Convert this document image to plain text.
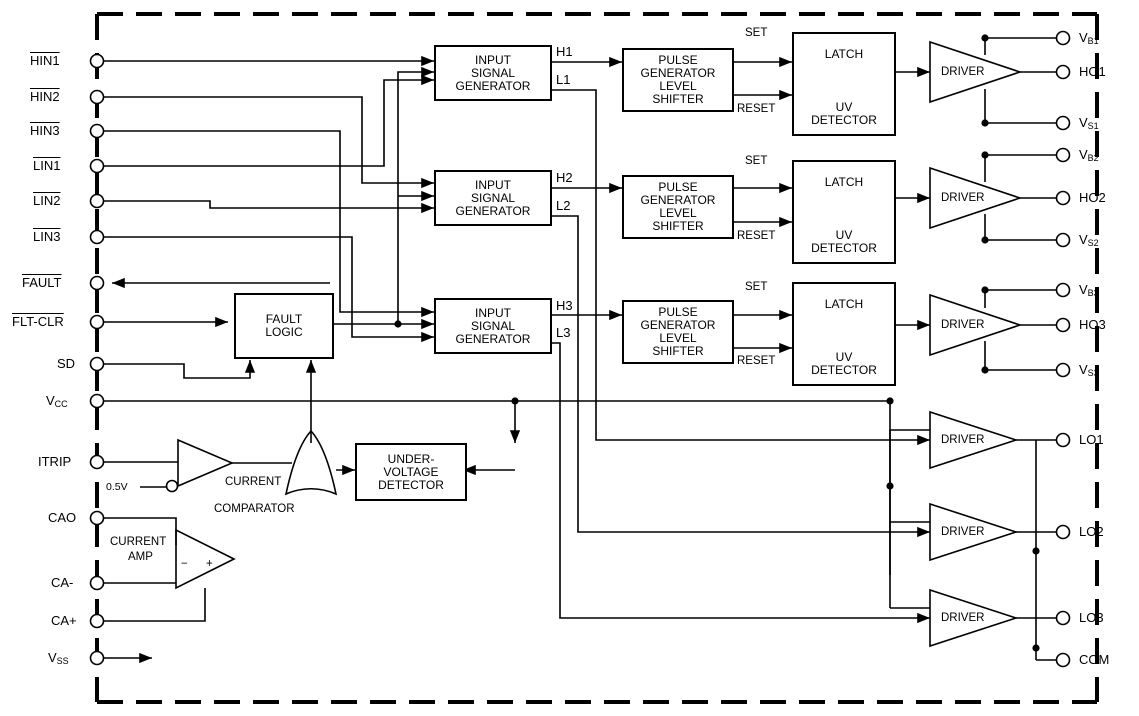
INPUT
SIGNAL
GENERATOR
INPUT
SIGNAL
GENERATOR
INPUT
SIGNAL
GENERATOR
PULSE
GENERATOR
LEVEL
SHIFTER
PULSE
GENERATOR
LEVEL
SHIFTER
PULSE
GENERATOR
LEVEL
SHIFTER
LATCH
UV
DETECTOR
LATCH
UV
DETECTOR
LATCH
UV
DETECTOR
FAULT
LOGIC
UNDER-
VOLTAGE
DETECTOR
DRIVER
DRIVER
DRIVER
DRIVER
DRIVER
DRIVER
H1
L1
H2
L2
H3
L3
SET
RESET
SET
RESET
SET
RESET
HIN1
HIN2
HIN3
LIN1
LIN2
LIN3
FAULT
FLT-CLR
SD
$V_{CC}$
ITRIP
CAO
CA-
CA+
$V_{SS}$
$V_{B1}$
HO1
$V_{S1}$
$V_{B2}$
HO2
$V_{S2}$
$V_{B3}$
HO3
$V_{S3}$
LO1
LO2
LO3
COM
0.5V	CURRENT
COMPARATOR
CURRENT
AMP
− +
